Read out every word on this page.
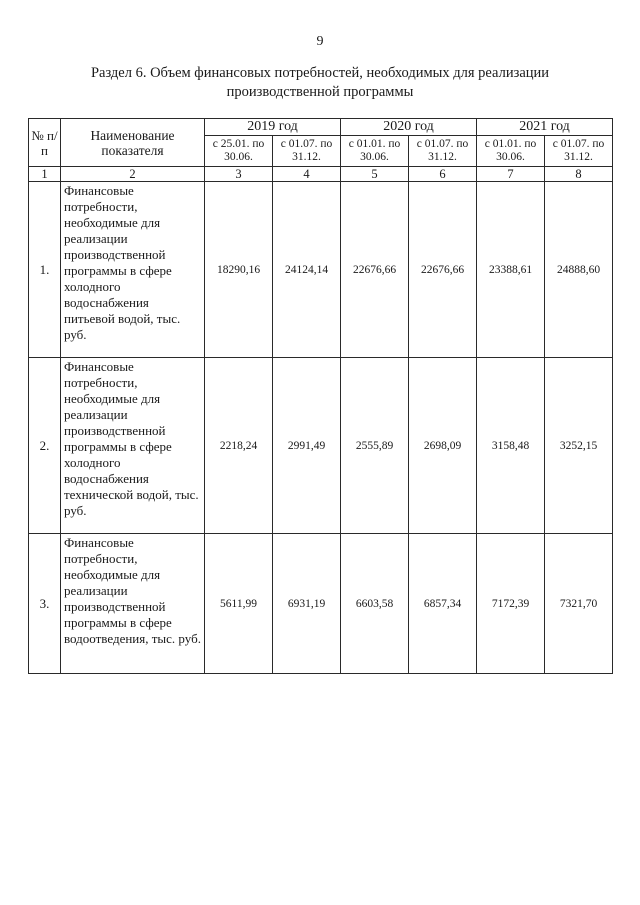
9
Раздел 6. Объем финансовых потребностей, необходимых для реализации
производственной программы
№ п/п	Наименование показателя	2019 год		2020 год		2021 год	
		с 25.01. по 30.06.	с 01.07. по 31.12.	с 01.01. по 30.06.	с 01.07. по 31.12.	с 01.01. по 30.06.	с 01.07. по 31.12.
1	2	3	4	5	6	7	8
1.	Финансовые потребности, необходимые для реализации производственной программы в сфере холодного водоснабжения питьевой водой, тыс. руб.	18290,16	24124,14	22676,66	22676,66	23388,61	24888,60
2.	Финансовые потребности, необходимые для реализации производственной программы в сфере холодного водоснабжения технической водой, тыс. руб.	2218,24	2991,49	2555,89	2698,09	3158,48	3252,15
3.	Финансовые потребности, необходимые для реализации производственной программы в сфере водоотведения, тыс. руб.	5611,99	6931,19	6603,58	6857,34	7172,39	7321,70
